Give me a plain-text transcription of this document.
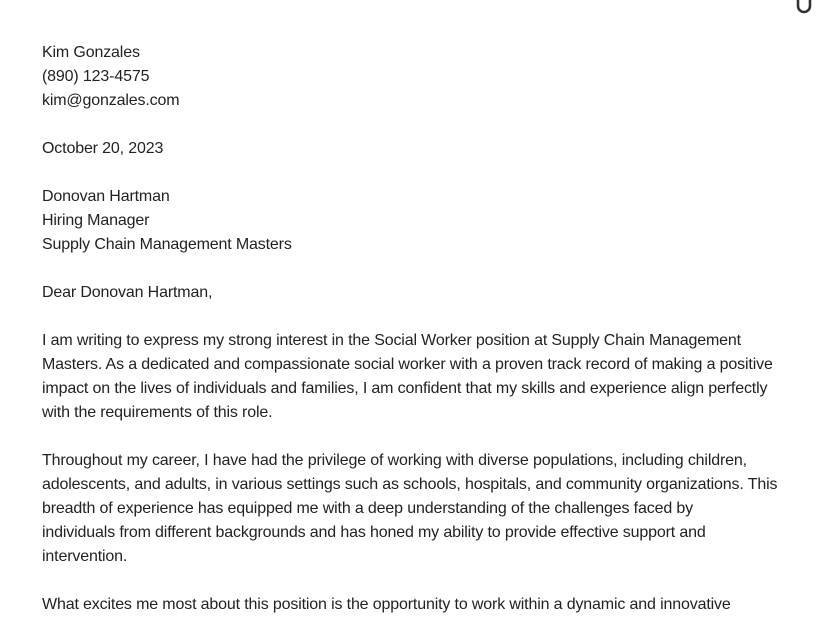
Kim Gonzales
(890) 123-4575
kim@gonzales.com
October 20, 2023
Donovan Hartman
Hiring Manager
Supply Chain Management Masters
Dear Donovan Hartman,
I am writing to express my strong interest in the Social Worker position at Supply Chain Management
Masters. As a dedicated and compassionate social worker with a proven track record of making a positive
impact on the lives of individuals and families, I am confident that my skills and experience align perfectly
with the requirements of this role.
Throughout my career, I have had the privilege of working with diverse populations, including children,
adolescents, and adults, in various settings such as schools, hospitals, and community organizations. This
breadth of experience has equipped me with a deep understanding of the challenges faced by
individuals from different backgrounds and has honed my ability to provide effective support and
intervention.
What excites me most about this position is the opportunity to work within a dynamic and innovative
